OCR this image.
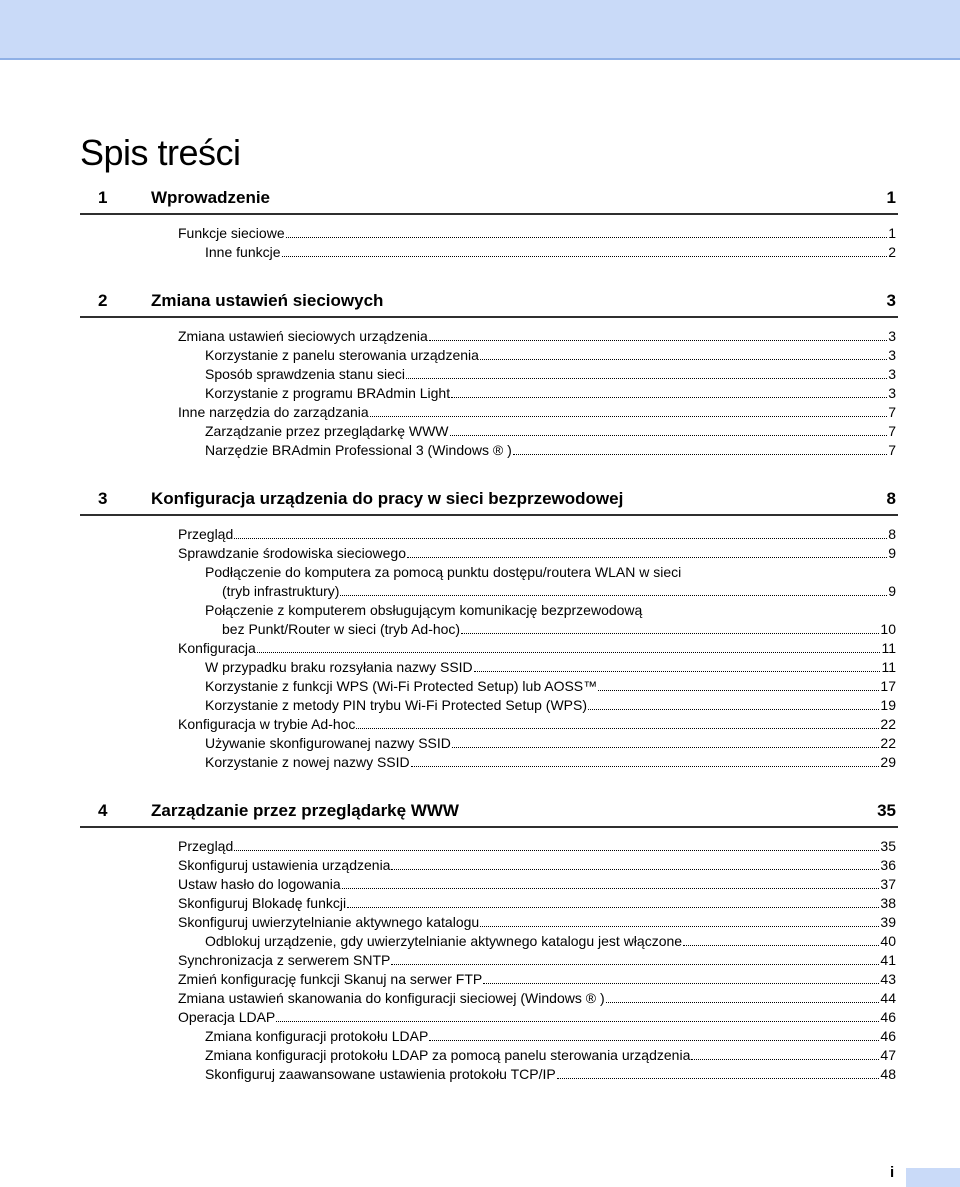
Spis treści
1	Wprowadzenie	1
Funkcje sieciowe	1
Inne funkcje	2
2	Zmiana ustawień sieciowych	3
Zmiana ustawień sieciowych urządzenia	3
Korzystanie z panelu sterowania urządzenia	3
Sposób sprawdzenia stanu sieci	3
Korzystanie z programu BRAdmin Light	3
Inne narzędzia do zarządzania	7
Zarządzanie przez przeglądarkę WWW	7
Narzędzie BRAdmin Professional 3 (Windows ® )	7
3	Konfiguracja urządzenia do pracy w sieci bezprzewodowej	8
Przegląd	8
Sprawdzanie środowiska sieciowego	9
Podłączenie do komputera za pomocą punktu dostępu/routera WLAN w sieci
(tryb infrastruktury)	9
Połączenie z komputerem obsługującym komunikację bezprzewodową
bez Punkt/Router w sieci (tryb Ad-hoc)	10
Konfiguracja	11
W przypadku braku rozsyłania nazwy SSID	11
Korzystanie z funkcji WPS (Wi-Fi Protected Setup) lub AOSS™	17
Korzystanie z metody PIN trybu Wi-Fi Protected Setup (WPS)	19
Konfiguracja w trybie Ad-hoc	22
Używanie skonfigurowanej nazwy SSID	22
Korzystanie z nowej nazwy SSID	29
4	Zarządzanie przez przeglądarkę WWW	35
Przegląd	35
Skonfiguruj ustawienia urządzenia	36
Ustaw hasło do logowania	37
Skonfiguruj Blokadę funkcji	38
Skonfiguruj uwierzytelnianie aktywnego katalogu	39
Odblokuj urządzenie, gdy uwierzytelnianie aktywnego katalogu jest włączone	40
Synchronizacja z serwerem SNTP	41
Zmień konfigurację funkcji Skanuj na serwer FTP	43
Zmiana ustawień skanowania do konfiguracji sieciowej (Windows ® )	44
Operacja LDAP	46
Zmiana konfiguracji protokołu LDAP	46
Zmiana konfiguracji protokołu LDAP za pomocą panelu sterowania urządzenia	47
Skonfiguruj zaawansowane ustawienia protokołu TCP/IP	48
i
